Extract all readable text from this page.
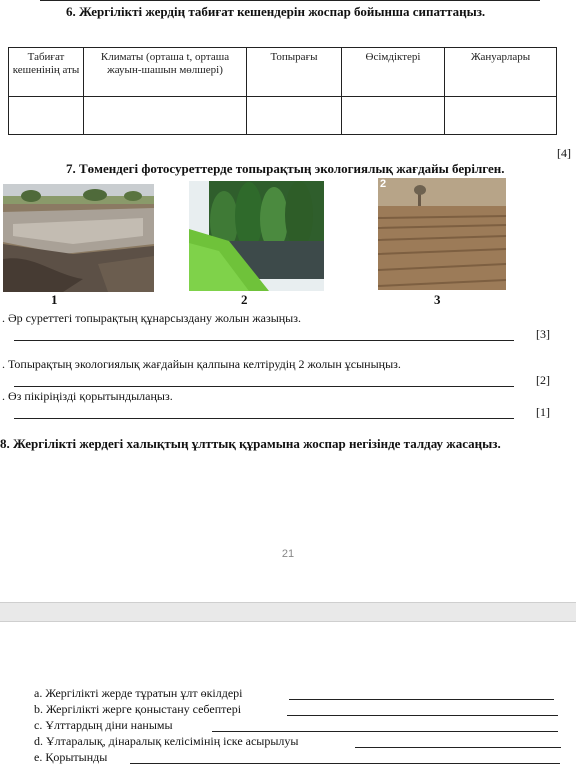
6. Жергілікті жердің табиғат кешендерін жоспар бойынша сипаттаңыз.
Табиғат кешенінің аты	Климаты (орташа t, орташа жауын-шашын мөлшері)	Топырағы	Өсімдіктері	Жануарлары

[4]
7. Төмендегі фотосуреттерде топырақтың экологиялық жағдайы берілген.
1	2
2
3
. Әр суреттегі топырақтың құнарсыздану жолын жазыңыз.
[3]
. Топырақтың экологиялық жағдайын қалпына келтірудің 2 жолын ұсыныңыз.
[2]
. Өз пікіріңізді қорытындылаңыз.
[1]
8. Жергілікті жердегі халықтың ұлттық құрамына жоспар негізінде талдау жасаңыз.
21
a. Жергілікті жерде тұратын ұлт өкілдері
b. Жергілікті жерге қоныстану себептері
c. Ұлттардың діни нанымы
d. Ұлтаралық, дінаралық келісімінің іске асырылуы
e. Қорытынды
